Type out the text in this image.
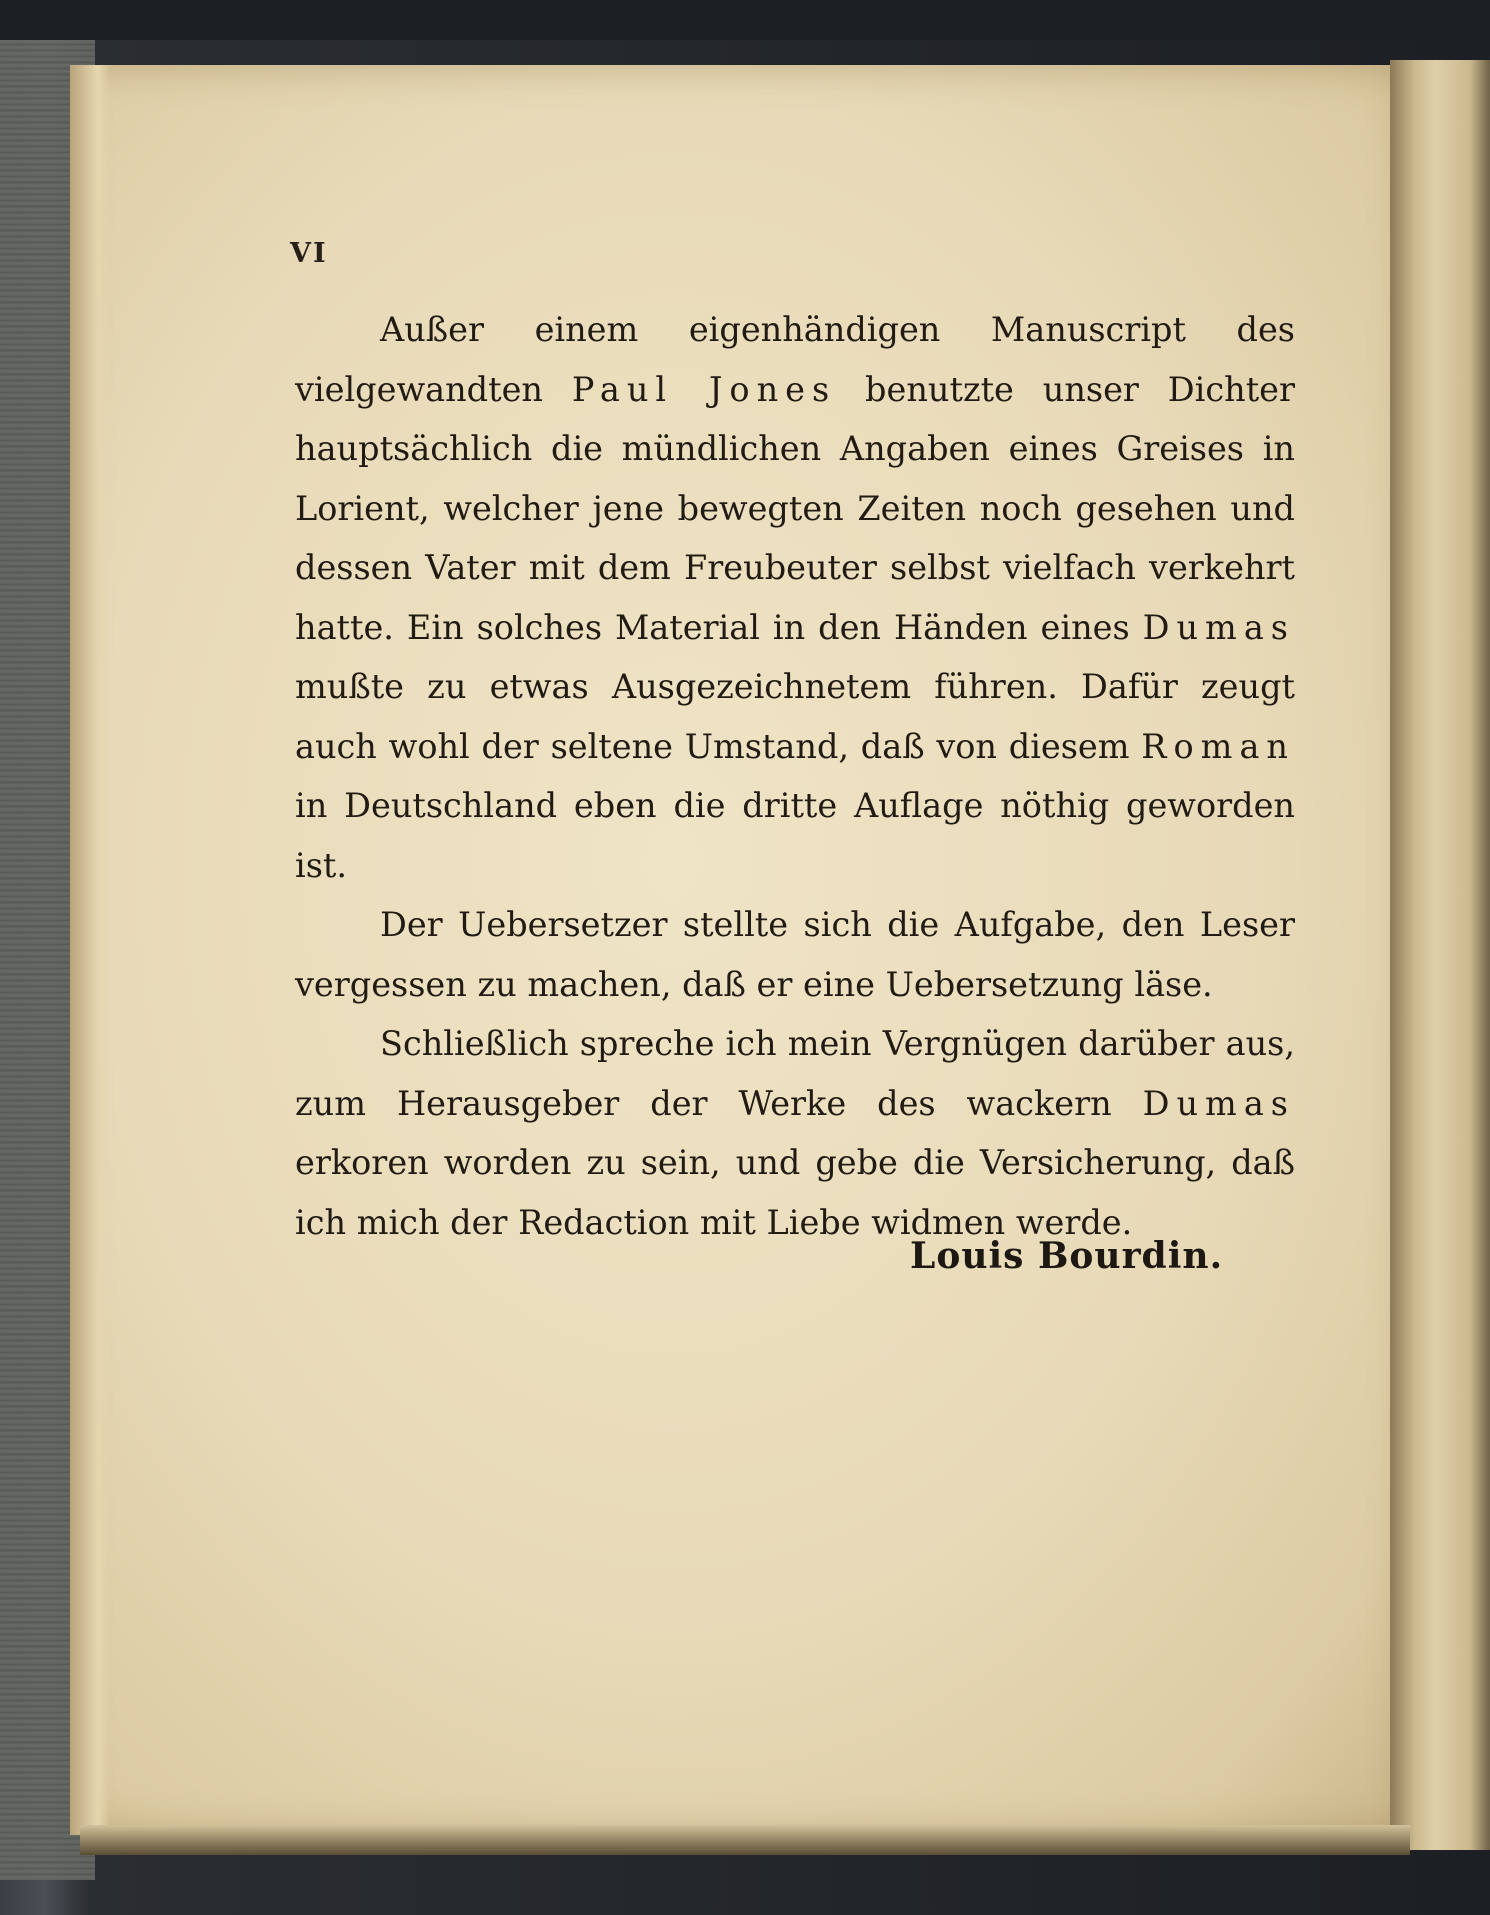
VI

Außer einem eigenhändigen Manuscript des vielgewandten Paul Jones benutzte unser Dichter hauptsächlich die mündlichen Angaben eines Greises in Lorient, welcher jene bewegten Zeiten noch gesehen und dessen Vater mit dem Freubeuter selbst vielfach verkehrt hatte. Ein solches Material in den Händen eines Dumas mußte zu etwas Ausgezeichnetem führen. Dafür zeugt auch wohl der seltene Umstand, daß von diesem Roman in Deutschland eben die dritte Auflage nöthig geworden ist.

Der Uebersetzer stellte sich die Aufgabe, den Leser vergessen zu machen, daß er eine Uebersetzung läse.

Schließlich spreche ich mein Vergnügen darüber aus, zum Herausgeber der Werke des wackern Dumas erkoren worden zu sein, und gebe die Versicherung, daß ich mich der Redaction mit Liebe widmen werde.

Louis Bourdin.
